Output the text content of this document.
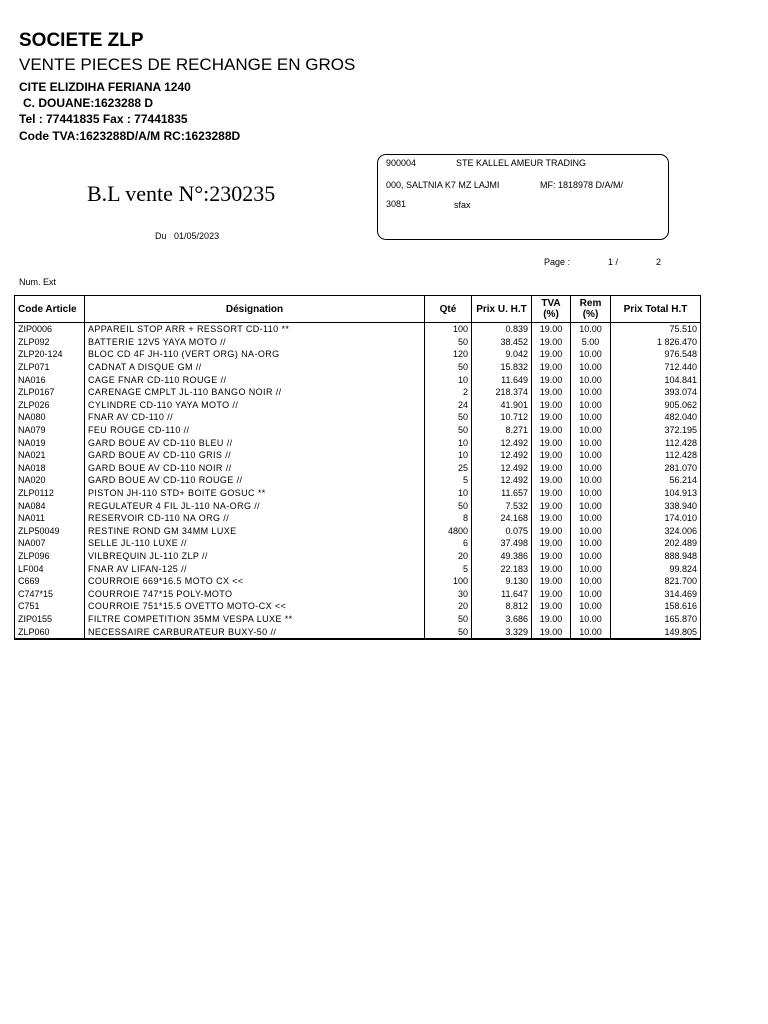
SOCIETE ZLP
VENTE PIECES DE RECHANGE EN GROS
CITE ELIZDIHA FERIANA 1240
C. DOUANE:1623288 D
Tel : 77441835 Fax : 77441835
Code TVA:1623288D/A/M RC:1623288D
900004	STE KALLEL AMEUR TRADING
000, SALTNIA K7 MZ LAJMI	MF: 1818978 D/A/M/
3081	sfax
B.L vente N°:230235
Du 01/05/2023
Page :	1 /	2
Num. Ext
Code Article	Désignation	Qté	Prix U. H.T	TVA (%)	Rem (%)	Prix Total H.T
ZIP0006	APPAREIL STOP ARR + RESSORT CD-110 **	100	0.839	19.00	10.00	75.510
ZLP092	BATTERIE 12V5 YAYA MOTO //	50	38.452	19.00	5.00	1 826.470
ZLP20-124	BLOC CD 4F JH-110 (VERT ORG) NA-ORG	120	9.042	19.00	10.00	976.548
ZLP071	CADNAT A DISQUE GM //	50	15.832	19.00	10.00	712.440
NA016	CAGE FNAR CD-110 ROUGE //	10	11.649	19.00	10.00	104.841
ZLP0167	CARENAGE CMPLT JL-110 BANGO NOIR //	2	218.374	19.00	10.00	393.074
ZLP026	CYLINDRE CD-110 YAYA MOTO //	24	41.901	19.00	10.00	905.062
NA080	FNAR AV CD-110 //	50	10.712	19.00	10.00	482.040
NA079	FEU ROUGE CD-110 //	50	8.271	19.00	10.00	372.195
NA019	GARD BOUE AV CD-110 BLEU //	10	12.492	19.00	10.00	112.428
NA021	GARD BOUE AV CD-110 GRIS //	10	12.492	19.00	10.00	112.428
NA018	GARD BOUE AV CD-110 NOIR //	25	12.492	19.00	10.00	281.070
NA020	GARD BOUE AV CD-110 ROUGE //	5	12.492	19.00	10.00	56.214
ZLP0112	PISTON JH-110 STD+ BOITE GOSUC **	10	11.657	19.00	10.00	104.913
NA084	REGULATEUR 4 FIL JL-110 NA-ORG //	50	7.532	19.00	10.00	338.940
NA011	RESERVOIR CD-110 NA ORG //	8	24.168	19.00	10.00	174.010
ZLP50049	RESTINE ROND GM 34MM LUXE	4800	0.075	19.00	10.00	324.006
NA007	SELLE JL-110 LUXE //	6	37.498	19.00	10.00	202.489
ZLP096	VILBREQUIN JL-110 ZLP //	20	49.386	19.00	10.00	888.948
LF004	FNAR AV LIFAN-125 //	5	22.183	19.00	10.00	99.824
C669	COURROIE 669*16.5 MOTO CX <<	100	9.130	19.00	10.00	821.700
C747*15	COURROIE 747*15 POLY-MOTO	30	11.647	19.00	10.00	314.469
C751	COURROIE 751*15.5 OVETTO MOTO-CX <<	20	8.812	19.00	10.00	158.616
ZIP0155	FILTRE COMPETITION 35MM VESPA LUXE **	50	3.686	19.00	10.00	165.870
ZLP060	NECESSAIRE CARBURATEUR BUXY-50 //	50	3.329	19.00	10.00	149.805
